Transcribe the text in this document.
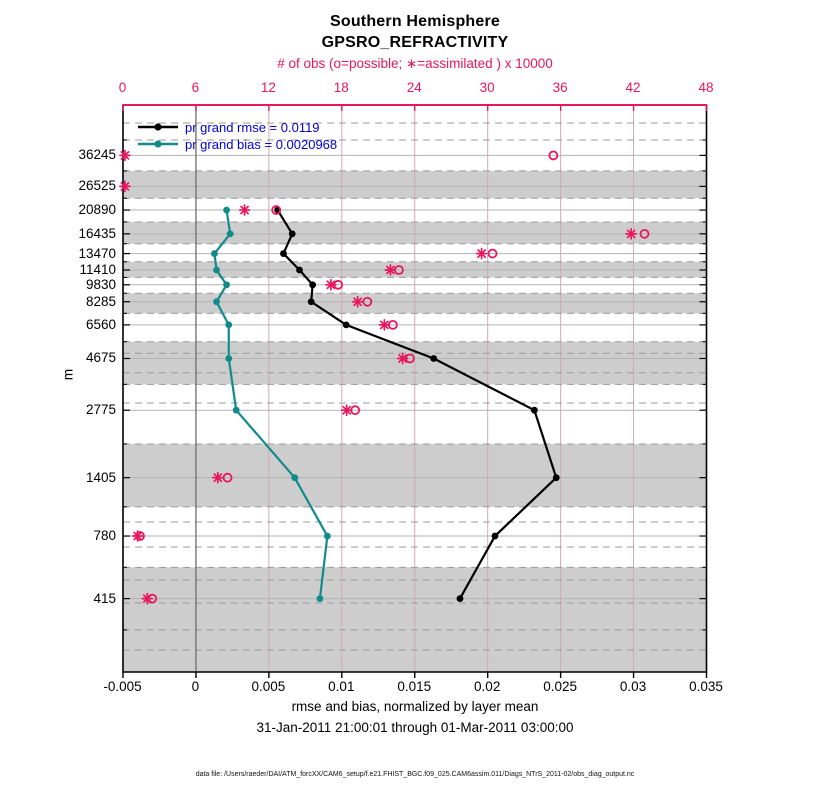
Southern Hemisphere
GPSRO_REFRACTIVITY
# of obs (o=possible; ∗=assimilated ) x 10000
m
pr grand rmse = 0.0119
pr grand bias = 0.0020968
rmse and bias, normalized by layer mean
31-Jan-2011 21:00:01 through 01-Mar-2011 03:00:00
data file: /Users/raeder/DAI/ATM_forcXX/CAM6_setup/f.e21.FHIST_BGC.f09_025.CAM6assim.011/Diags_NTrS_2011-02/obs_diag_output.nc
0	6	12	18	24	30	36	42	48
-0.005	0	0.005	0.01	0.015	0.02	0.025	0.03	0.035
36245
26525
20890
16435
13470
11410
9830
8285
6560
4675
2775
1405
780
415
